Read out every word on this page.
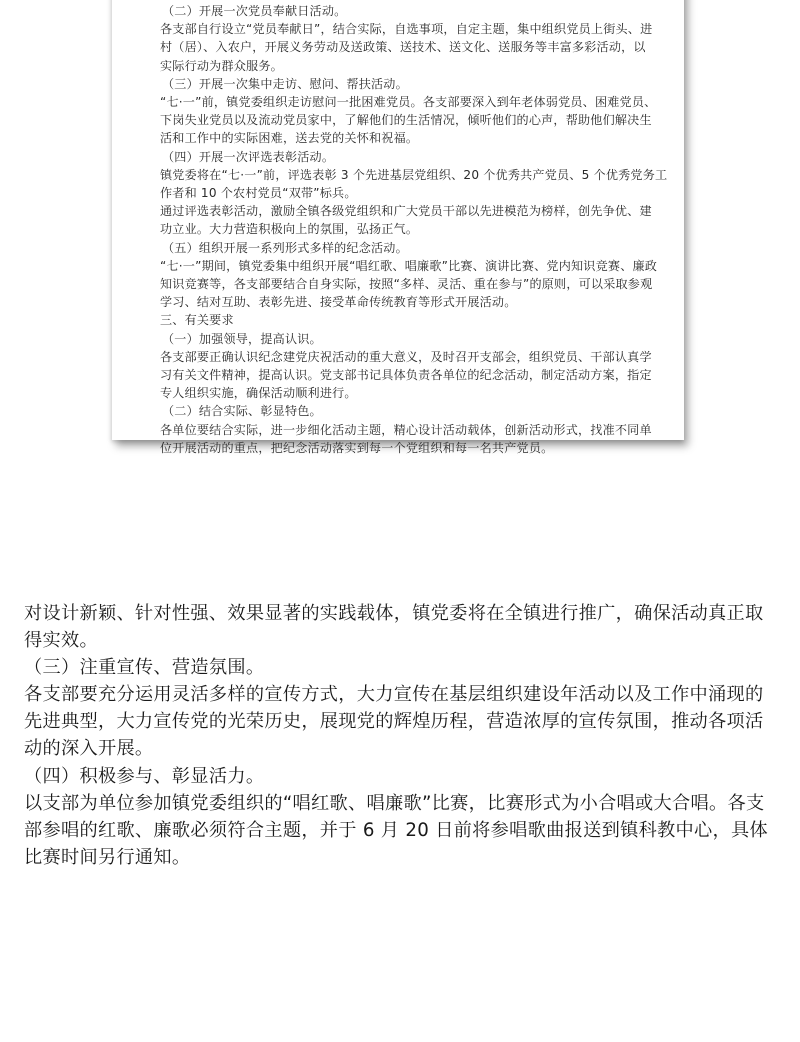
（二）开展一次党员奉献日活动。
各支部自行设立“党员奉献日”，结合实际，自选事项，自定主题，集中组织党员上街头、进
村（居）、入农户，开展义务劳动及送政策、送技术、送文化、送服务等丰富多彩活动，以
实际行动为群众服务。
（三）开展一次集中走访、慰问、帮扶活动。
“七·一”前，镇党委组织走访慰问一批困难党员。各支部要深入到年老体弱党员、困难党员、
下岗失业党员以及流动党员家中，了解他们的生活情况，倾听他们的心声，帮助他们解决生
活和工作中的实际困难，送去党的关怀和祝福。
（四）开展一次评选表彰活动。
镇党委将在“七·一”前，评选表彰 3 个先进基层党组织、20 个优秀共产党员、5 个优秀党务工
作者和 10 个农村党员“双带”标兵。
通过评选表彰活动，激励全镇各级党组织和广大党员干部以先进模范为榜样，创先争优、建
功立业。大力营造积极向上的氛围，弘扬正气。
（五）组织开展一系列形式多样的纪念活动。
“七·一”期间，镇党委集中组织开展“唱红歌、唱廉歌”比赛、演讲比赛、党内知识竞赛、廉政
知识竞赛等，各支部要结合自身实际，按照“多样、灵活、重在参与”的原则，可以采取参观
学习、结对互助、表彰先进、接受革命传统教育等形式开展活动。
三、有关要求
（一）加强领导，提高认识。
各支部要正确认识纪念建党庆祝活动的重大意义，及时召开支部会，组织党员、干部认真学
习有关文件精神，提高认识。党支部书记具体负责各单位的纪念活动，制定活动方案，指定
专人组织实施，确保活动顺利进行。
（二）结合实际、彰显特色。
各单位要结合实际，进一步细化活动主题，精心设计活动载体，创新活动形式，找准不同单
位开展活动的重点，把纪念活动落实到每一个党组织和每一名共产党员。
对设计新颖、针对性强、效果显著的实践载体，镇党委将在全镇进行推广，确保活动真正取
得实效。
（三）注重宣传、营造氛围。
各支部要充分运用灵活多样的宣传方式，大力宣传在基层组织建设年活动以及工作中涌现的
先进典型，大力宣传党的光荣历史，展现党的辉煌历程，营造浓厚的宣传氛围，推动各项活
动的深入开展。
（四）积极参与、彰显活力。
以支部为单位参加镇党委组织的“唱红歌、唱廉歌”比赛，比赛形式为小合唱或大合唱。各支
部参唱的红歌、廉歌必须符合主题，并于 6 月 20 日前将参唱歌曲报送到镇科教中心，具体
比赛时间另行通知。
